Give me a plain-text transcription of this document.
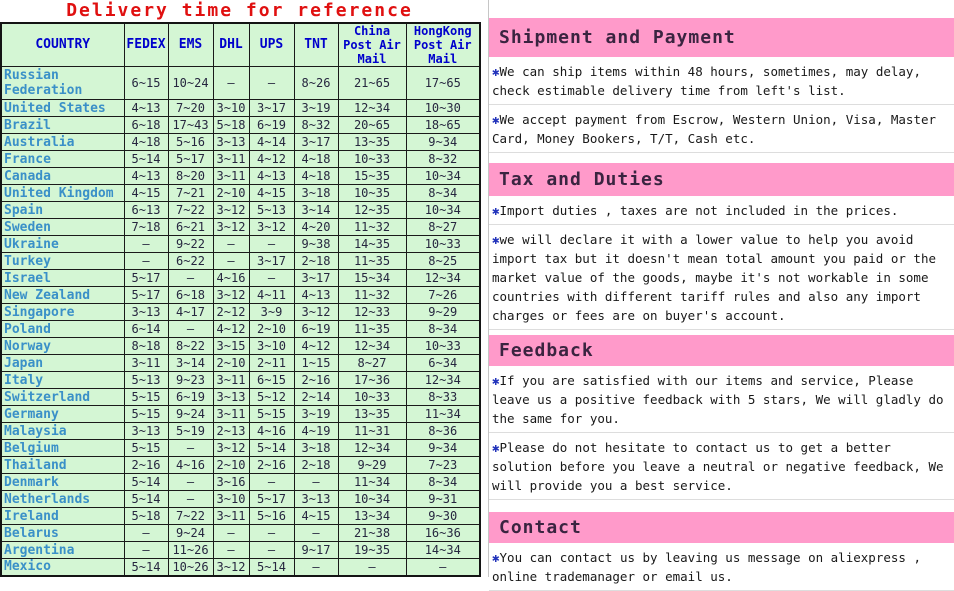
Delivery time for reference
COUNTRY	FEDEX	EMS	DHL	UPS	TNT	China Post Air Mail	HongKong Post Air Mail
Russian Federation	6~15	10~24	—	—	8~26	21~65	17~65
United States	4~13	7~20	3~10	3~17	3~19	12~34	10~30
Brazil	6~18	17~43	5~18	6~19	8~32	20~65	18~65
Australia	4~18	5~16	3~13	4~14	3~17	13~35	9~34
France	5~14	5~17	3~11	4~12	4~18	10~33	8~32
Canada	4~13	8~20	3~11	4~13	4~18	15~35	10~34
United Kingdom	4~15	7~21	2~10	4~15	3~18	10~35	8~34
Spain	6~13	7~22	3~12	5~13	3~14	12~35	10~34
Sweden	7~18	6~21	3~12	3~12	4~20	11~32	8~27
Ukraine	—	9~22	—	—	9~38	14~35	10~33
Turkey	—	6~22	—	3~17	2~18	11~35	8~25
Israel	5~17	—	4~16	—	3~17	15~34	12~34
New Zealand	5~17	6~18	3~12	4~11	4~13	11~32	7~26
Singapore	3~13	4~17	2~12	3~9	3~12	12~33	9~29
Poland	6~14	—	4~12	2~10	6~19	11~35	8~34
Norway	8~18	8~22	3~15	3~10	4~12	12~34	10~33
Japan	3~11	3~14	2~10	2~11	1~15	8~27	6~34
Italy	5~13	9~23	3~11	6~15	2~16	17~36	12~34
Switzerland	5~15	6~19	3~13	5~12	2~14	10~33	8~33
Germany	5~15	9~24	3~11	5~15	3~19	13~35	11~34
Malaysia	3~13	5~19	2~13	4~16	4~19	11~31	8~36
Belgium	5~15	—	3~12	5~14	3~18	12~34	9~34
Thailand	2~16	4~16	2~10	2~16	2~18	9~29	7~23
Denmark	5~14	—	3~16	—	—	11~34	8~34
Netherlands	5~14	—	3~10	5~17	3~13	10~34	9~31
Ireland	5~18	7~22	3~11	5~16	4~15	13~34	9~30
Belarus	—	9~24	—	—	—	21~38	16~36
Argentina	—	11~26	—	—	9~17	19~35	14~34
Mexico	5~14	10~26	3~12	5~14	—	—	—
Shipment and Payment
✱We can ship items within 48 hours, sometimes, may delay, check estimable delivery time from left's list.
✱We accept payment from Escrow, Western Union, Visa, Master Card, Money Bookers, T/T, Cash etc.
Tax and Duties
✱Import duties , taxes are not included in the prices.
✱we will declare it with a lower value to help you avoid import tax but it doesn't mean total amount you paid or the market value of the goods, maybe it's not workable in some countries with different tariff rules and also any import charges or fees are on buyer's account.
Feedback
✱If you are satisfied with our items and service, Please leave us a positive feedback with 5 stars, We will gladly do the same for you.
✱Please do not hesitate to contact us to get a better solution before you leave a neutral or negative feedback, We will provide you a best service.
Contact
✱You can contact us by leaving us message on aliexpress , online trademanager or email us.
